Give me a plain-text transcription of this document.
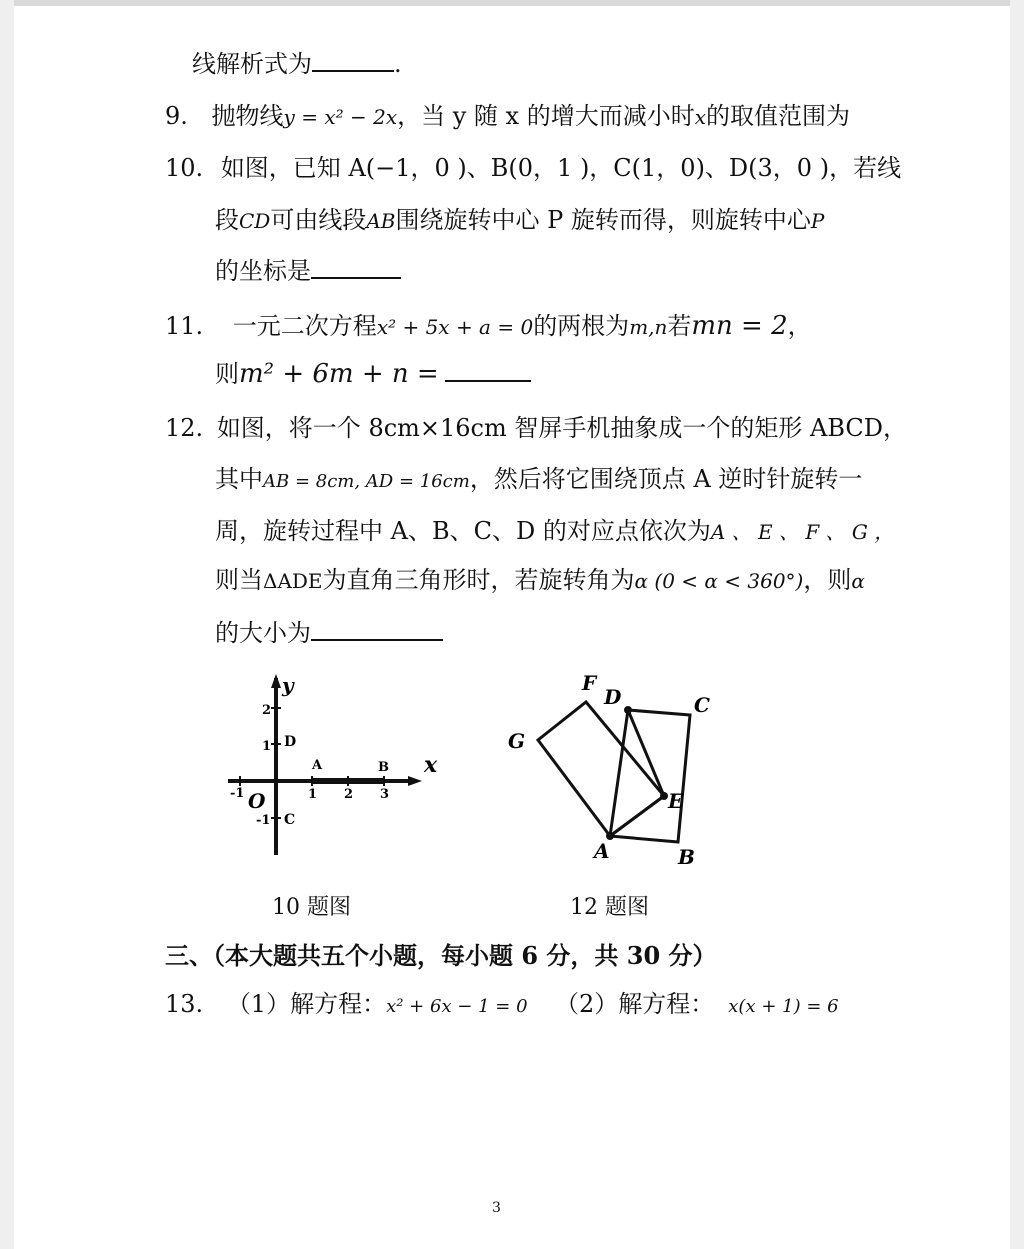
线解析式为	.
9. 抛物线y = x² − 2x，当 y 随 x 的增大而减小时x的取值范围为
10. 如图，已知 A(−1，0 )、B(0，1 )，C(1，0)、D(3，0 )，若线
段CD可由线段AB围绕旋转中心 P 旋转而得，则旋转中心P
的坐标是
11. 一元二次方程x² + 5x + a = 0的两根为m,n若mn = 2，
则m² + 6m + n =
12. 如图，将一个 8cm×16cm 智屏手机抽象成一个的矩形 ABCD，
其中AB = 8cm, AD = 16cm，然后将它围绕顶点 A 逆时针旋转一
周，旋转过程中 A、B、C、D 的对应点依次为A 、 E 、 F 、 G ，
则当ΔADE为直角三角形时，若旋转角为α (0 < α < 360°)，则α
的大小为
y
x
2
1 D
-1 C
-1 O
A	B
1 2 3
F
D	C
G
E
A	B
10 题图	12 题图
三、（本大题共五个小题，每小题 6 分，共 30 分）
13. （1）解方程：x² + 6x − 1 = 0 （2）解方程： x(x + 1) = 6
3
